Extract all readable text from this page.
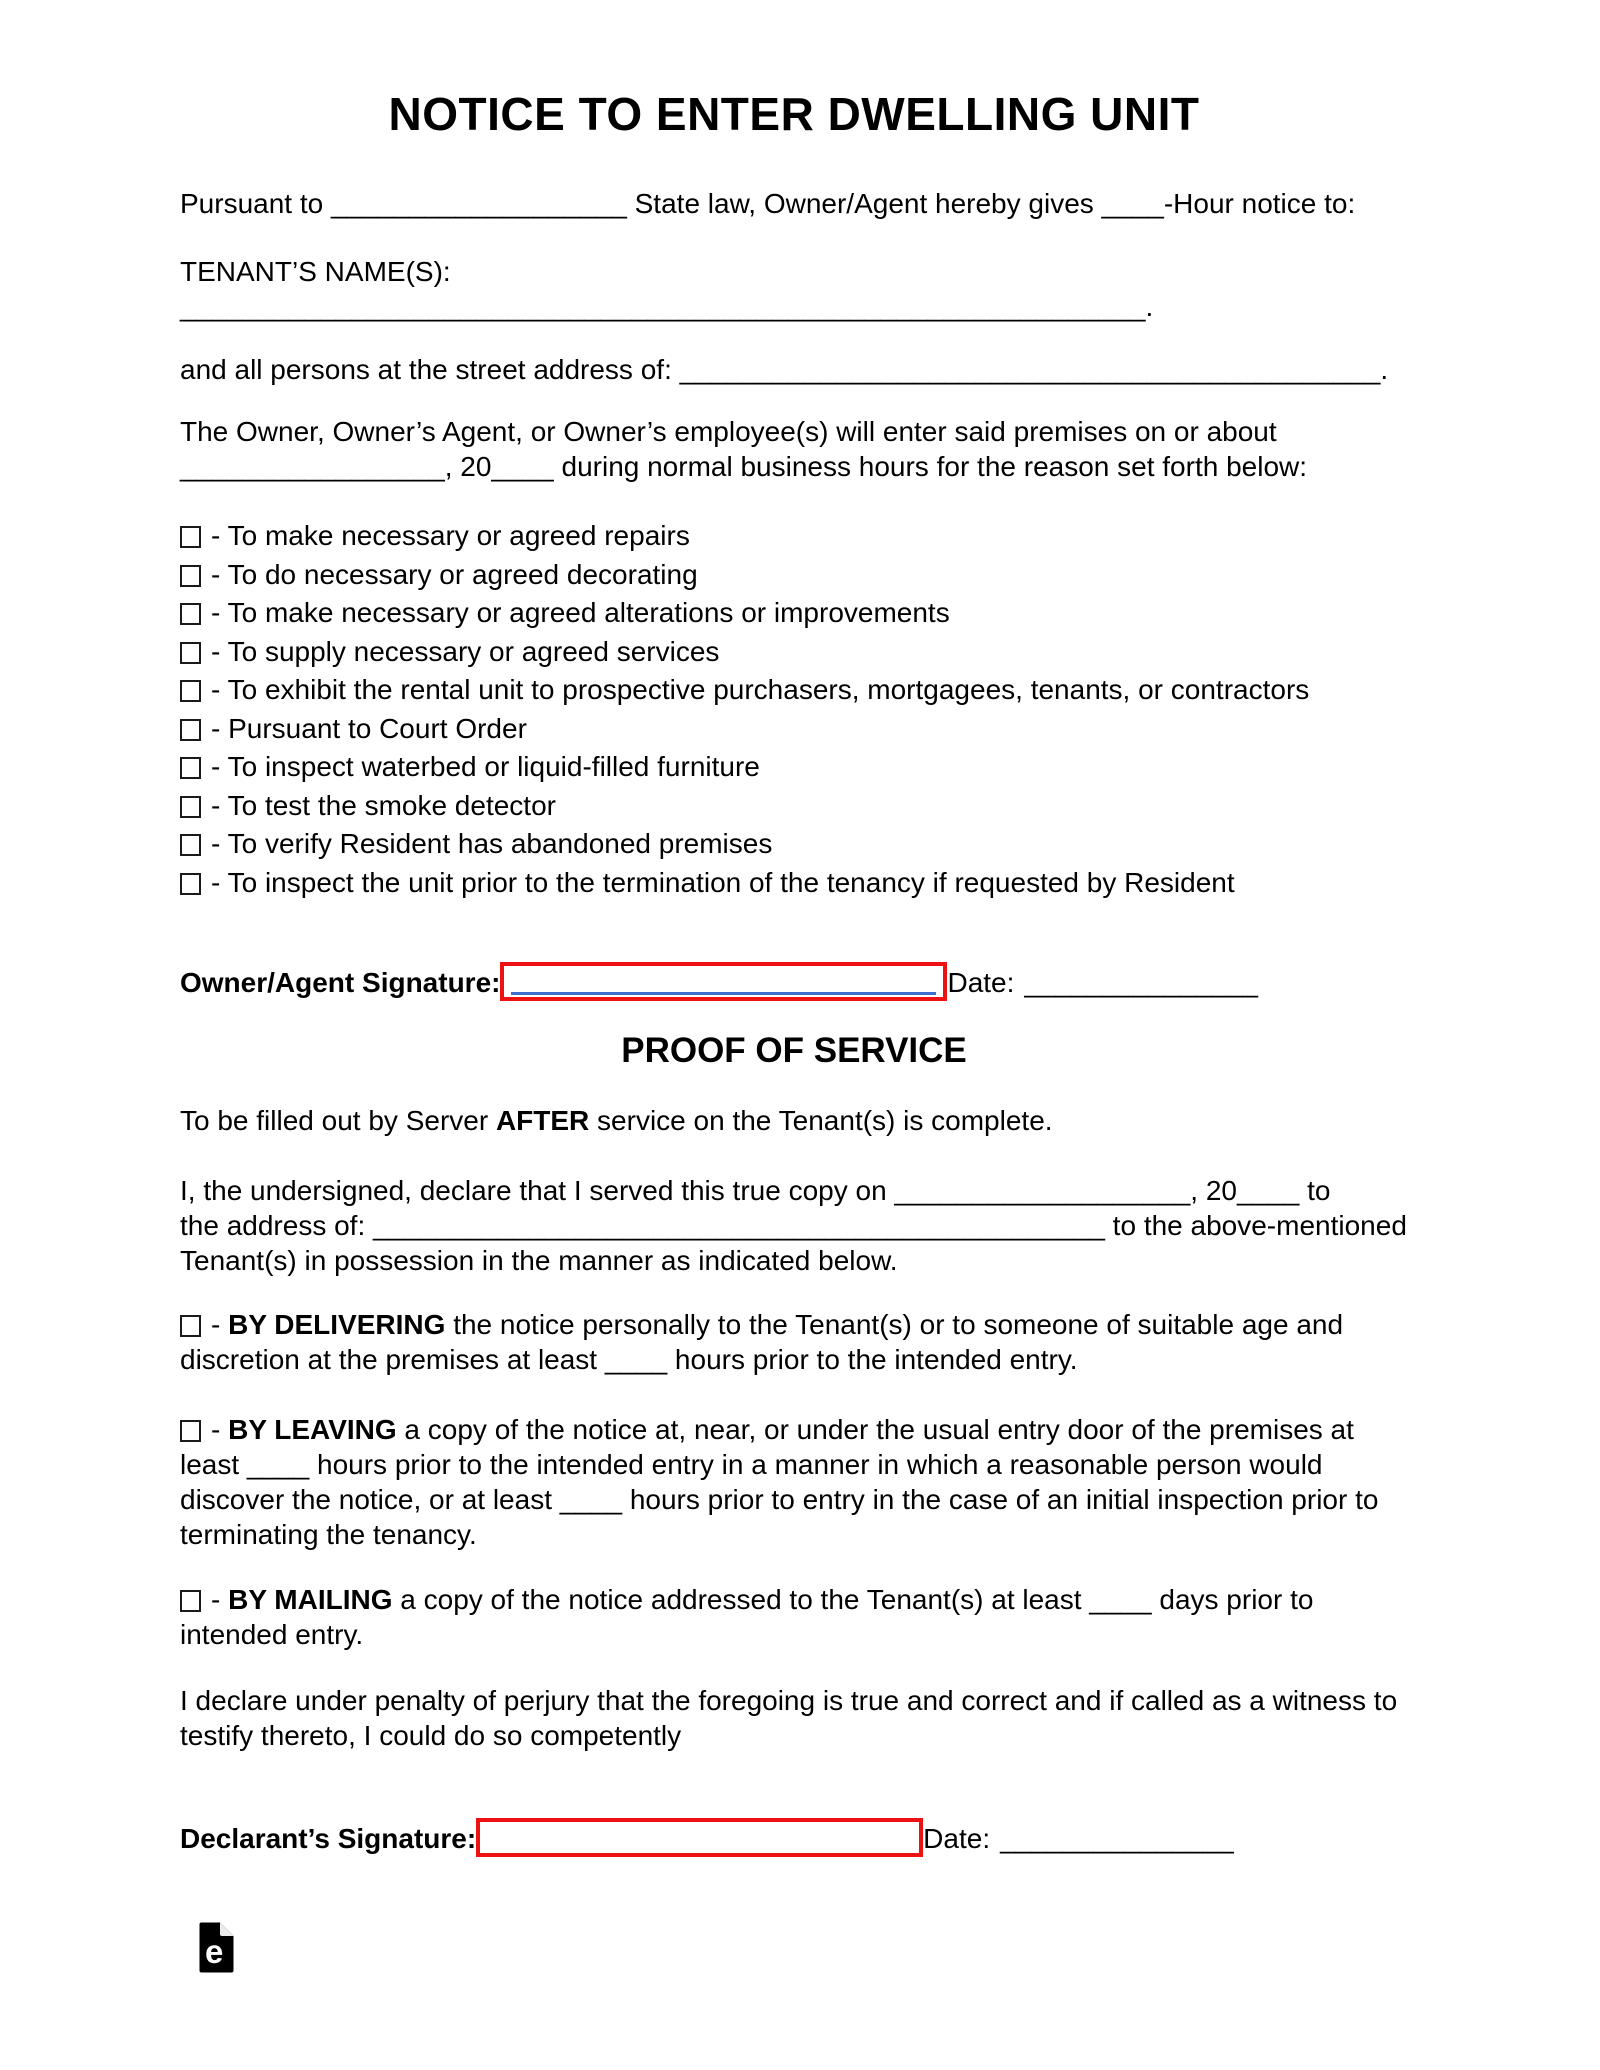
NOTICE TO ENTER DWELLING UNIT

Pursuant to ___________________ State law, Owner/Agent hereby gives ____-Hour notice to:

TENANT’S NAME(S): ______________________________________________________________.

and all persons at the street address of: _____________________________________________.

The Owner, Owner’s Agent, or Owner’s employee(s) will enter said premises on or about
_________________, 20____ during normal business hours for the reason set forth below:

- To make necessary or agreed repairs
- To do necessary or agreed decorating
- To make necessary or agreed alterations or improvements
- To supply necessary or agreed services
- To exhibit the rental unit to prospective purchasers, mortgagees, tenants, or contractors
- Pursuant to Court Order
- To inspect waterbed or liquid-filled furniture
- To test the smoke detector
- To verify Resident has abandoned premises
- To inspect the unit prior to the termination of the tenancy if requested by Resident

Owner/Agent Signature:	Date: _______________

PROOF OF SERVICE

To be filled out by Server AFTER service on the Tenant(s) is complete.

I, the undersigned, declare that I served this true copy on ___________________, 20____ to
the address of: _______________________________________________ to the above-mentioned
Tenant(s) in possession in the manner as indicated below.

- BY DELIVERING the notice personally to the Tenant(s) or to someone of suitable age and discretion at the premises at least ____ hours prior to the intended entry.

- BY LEAVING a copy of the notice at, near, or under the usual entry door of the premises at least ____ hours prior to the intended entry in a manner in which a reasonable person would discover the notice, or at least ____ hours prior to entry in the case of an initial inspection prior to terminating the tenancy.

- BY MAILING a copy of the notice addressed to the Tenant(s) at least ____ days prior to intended entry.

I declare under penalty of perjury that the foregoing is true and correct and if called as a witness to testify thereto, I could do so competently

Declarant’s Signature:	Date: _______________

e
